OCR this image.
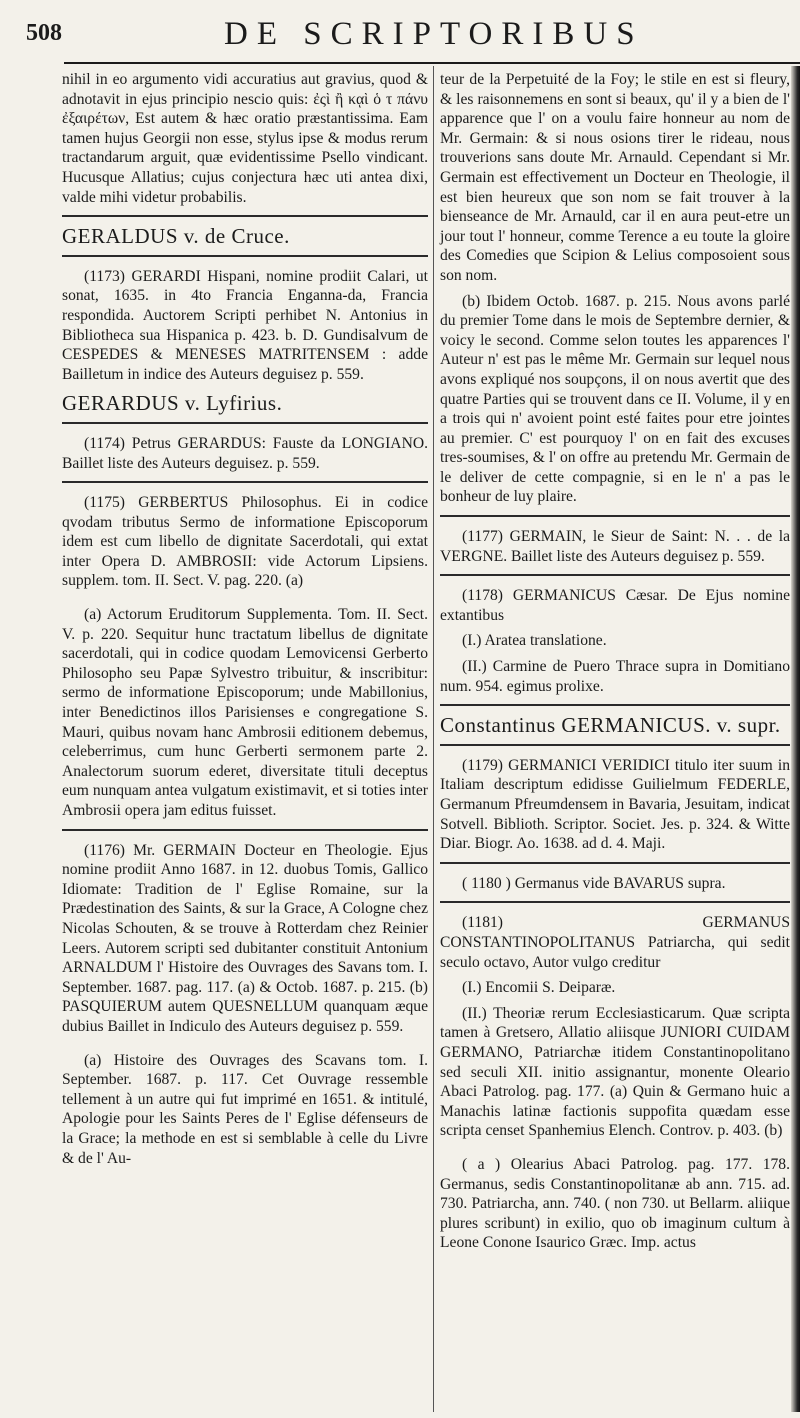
508	DE SCRIPTORIBUS

nihil in eo argumentο vidi accuratius aut gravius, quod & adnotavit in ejus principio nescio quis: ἐςὶ ἢ κᾳὶ ὁ τ πάνυ ἐξαιρέτων, Est autem & hæc oratio præstantissima. Eam tamen hujus Georgii non esse, stylus ipse & modus rerum tractandarum arguit, quæ evidentissime Psello vindicant. Hucusque Allatius; cujus conjectura hæc uti antea dixi, valde mihi videtur probabilis.

GERALDUS v. de Cruce.

(1173) GERARDI Hispani, nomine prodiit Calari, ut sonat, 1635. in 4to Francia Enganna-da, Francia respondida. Auctorem Scripti perhibet N. Antonius in Bibliotheca sua Hispanica p. 423. b. D. Gundisalvum de CESPEDES & MENESES MATRITENSEM : adde Bailletum in indice des Auteurs deguisez p. 559.

GERARDUS v. Lyfirius.

(1174) Petrus GERARDUS: Fauste da LONGIANO. Baillet liste des Auteurs deguisez. p. 559.

(1175) GERBERTUS Philosophus. Ei in codice qvodam tributus Sermo de informatione Episcoporum idem est cum libello de dignitate Sacerdotali, qui extat inter Opera D. AMBROSII: vide Actorum Lipsiens. supplem. tom. II. Sect. V. pag. 220. (a)

(a) Actorum Eruditorum Supplementa. Tom. II. Sect. V. p. 220. Sequitur hunc tractatum libellus de dignitate sacerdotali, qui in codice quodam Lemovicensi Gerberto Philosopho seu Papæ Sylvestro tribuitur, & inscribitur: sermo de informatione Episcoporum; unde Mabillonius, inter Benedictinos illos Parisienses e congregatione S. Mauri, quibus novam hanc Ambrosii editionem debemus, celeberrimus, cum hunc Gerberti sermonem parte 2. Analectorum suorum ederet, diversitate tituli deceptus eum nunquam antea vulgatum existimavit, et si toties inter Ambrosii opera jam editus fuisset.

(1176) Mr. GERMAIN Docteur en Theologie. Ejus nomine prodiit Anno 1687. in 12. duobus Tomis, Gallico Idiomate: Tradition de l' Eglise Romaine, sur la Prædestination des Saints, & sur la Grace, A Cologne chez Nicolas Schouten, & se trouve à Rotterdam chez Reinier Leers. Autorem scripti sed dubitanter constituit Antonium ARNALDUM l' Histoire des Ouvrages des Savans tom. I. September. 1687. pag. 117. (a) & Octob. 1687. p. 215. (b) PASQUIERUM autem QUESNELLUM quanquam æque dubius Baillet in Indiculo des Auteurs deguisez p. 559.

(a) Histoire des Ouvrages des Scavans tom. I. September. 1687. p. 117. Cet Ouvrage ressemble tellement à un autre qui fut imprimé en 1651. & intitulé, Apologie pour les Saints Peres de l' Eglise défenseurs de la Grace; la methode en est si semblable à celle du Livre & de l' Au-

teur de la Perpetuité de la Foy; le stile en est si fleury, & les raisonnemens en sont si beaux, qu' il y a bien de l' apparence que l' on a voulu faire honneur au nom de Mr. Germain: & si nous osions tirer le rideau, nous trouverions sans doute Mr. Arnauld. Cependant si Mr. Germain est effectivement un Docteur en Theologie, il est bien heureux que son nom se fait trouver à la bienseance de Mr. Arnauld, car il en aura peut-etre un jour tout l' honneur, comme Terence a eu toute la gloire des Comedies que Scipion & Lelius composoient sous son nom.

(b) Ibidem Octob. 1687. p. 215. Nous avons parlé du premier Tome dans le mois de Septembre dernier, & voicy le second. Comme selon toutes les apparences l' Auteur n' est pas le même Mr. Germain sur lequel nous avons expliqué nos soupçons, il on nous avertit que des quatre Parties qui se trouvent dans ce II. Volume, il y en a trois qui n' avoient point esté faites pour etre jointes au premier. C' est pourquoy l' on en fait des excuses tres-soumises, & l' on offre au pretendu Mr. Germain de le deliver de cette compagnie, si en le n' a pas le bonheur de luy plaire.

(1177) GERMAIN, le Sieur de Saint: N. . . de la VERGNE. Baillet liste des Auteurs deguisez p. 559.

(1178) GERMANICUS Cæsar. De Ejus nomine extantibus

(I.) Aratea translatione.

(II.) Carmine de Puero Thrace supra in Domitiano num. 954. egimus prolixe.

Constantinus GERMANICUS. v. supr.

(1179) GERMANICI VERIDICI titulo iter suum in Italiam descriptum edidisse Guilielmum FEDERLE, Germanum Pfreumdensem in Bavaria, Jesuitam, indicat Sotvell. Biblioth. Scriptor. Societ. Jes. p. 324. & Witte Diar. Biogr. Ao. 1638. ad d. 4. Maji.

( 1180 ) Germanus vide BAVARUS supra.

(1181) GERMANUS CONSTANTINOPOLITANUS Patriarcha, qui sedit seculo octavo, Autor vulgo creditur

(I.) Encomii S. Deiparæ.

(II.) Theoriæ rerum Ecclesiasticarum. Quæ scripta tamen à Gretsero, Allatio aliisque JUNIORI CUIDAM GERMANO, Patriarchæ itidem Constantinopolitano sed seculi XII. initio assignantur, monente Oleario Abaci Patrolog. pag. 177. (a) Quin & Germano huic a Manachis latinæ factionis suppofita quædam esse scripta censet Spanhemius Elench. Controv. p. 403. (b)

( a ) Olearius Abaci Patrolog. pag. 177. 178. Germanus, sedis Constantinopolitanæ ab ann. 715. ad. 730. Patriarcha, ann. 740. ( non 730. ut Bellarm. aliique plures scribunt) in exilio, quo ob imaginum cultum à Leone Conone Isaurico Græc. Imp. actus
